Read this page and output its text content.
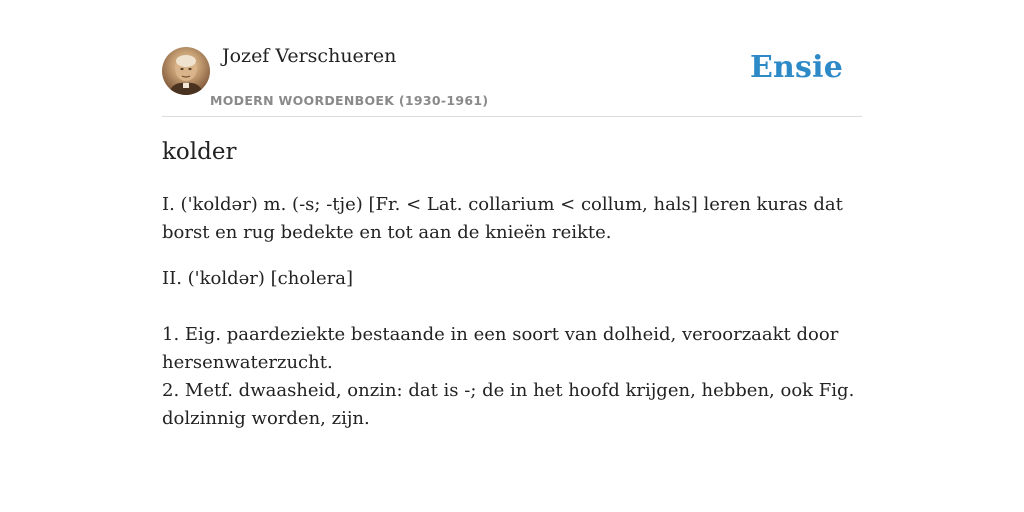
Jozef Verschueren
MODERN WOORDENBOEK (1930-1961)
Ensie
kolder

I. ('koldər) m. (-s; -tje) [Fr. < Lat. collarium < collum, hals] leren kuras dat borst en rug bedekte en tot aan de knieën reikte.

II. ('koldər) [cholera]

1. Eig. paardeziekte bestaande in een soort van dolheid, veroorzaakt door hersenwaterzucht.

2. Metf. dwaasheid, onzin: dat is -; de in het hoofd krijgen, hebben, ook Fig. dolzinnig worden, zijn.
